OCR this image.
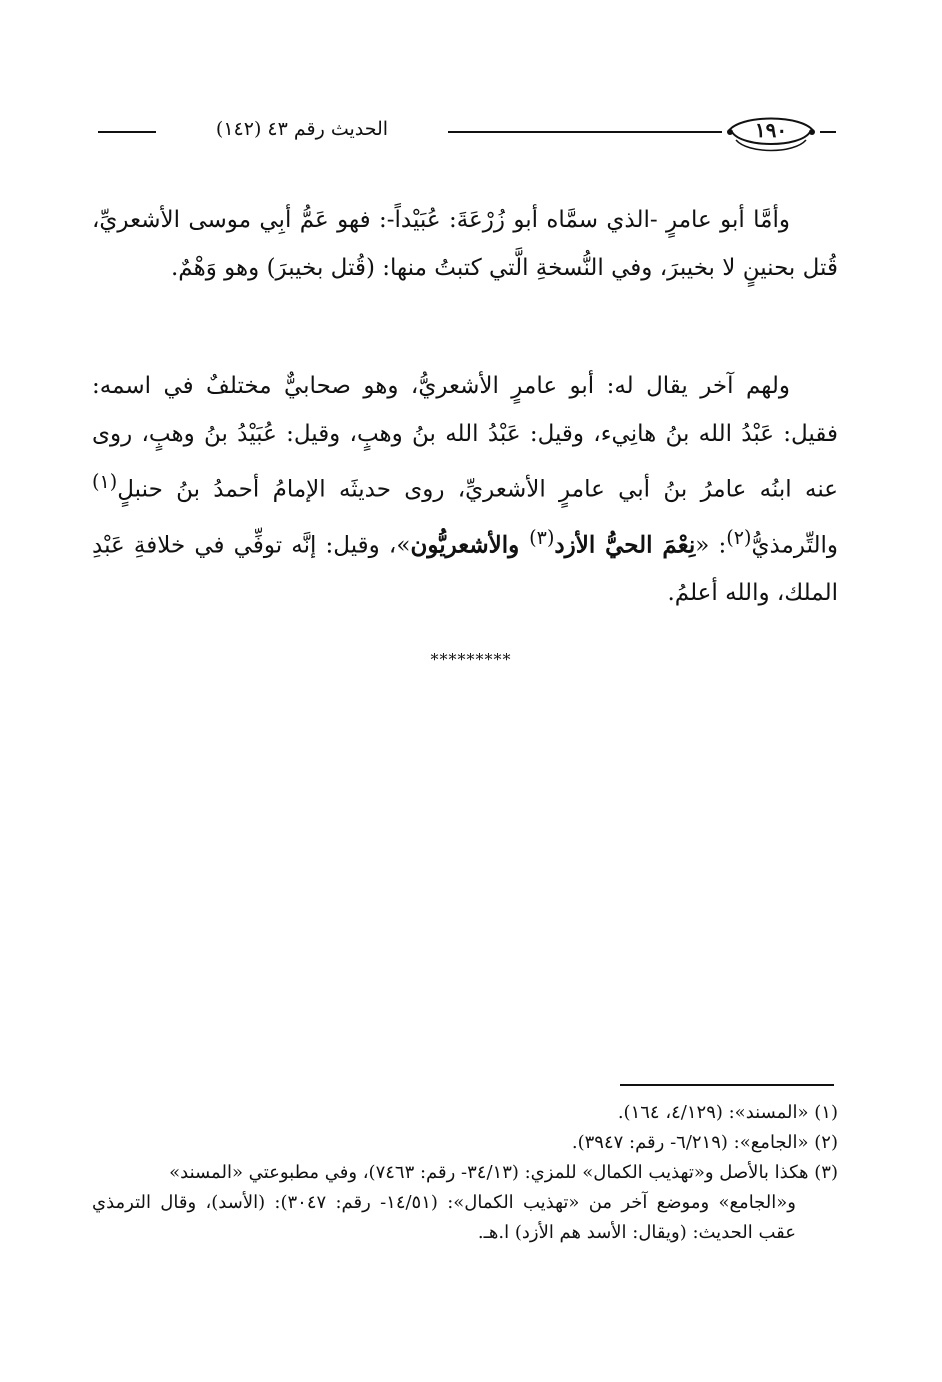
الحديث رقم ٤٣ (١٤٢)	١٩٠
وأمَّا أبو عامرٍ -الذي سمَّاه أبو زُرْعَةَ: عُبَيْداً-: فهو عَمُّ أبِي موسى الأشعريِّ، قُتل بحنينٍ لا بخيبرَ، وفي النُّسخةِ الَّتي كتبتُ منها: (قُتل بخيبرَ) وهو وَهْمٌ.
ولهم آخر يقال له: أبو عامرٍ الأشعريُّ، وهو صحابيٌّ مختلفٌ في اسمه: فقيل: عَبْدُ الله بنُ هانِيء، وقيل: عَبْدُ الله بنُ وهبٍ، وقيل: عُبَيْدُ بنُ وهبٍ، روى عنه ابنُه عامرُ بنُ أبي عامرٍ الأشعريِّ، روى حديثَه الإمامُ أحمدُ بنُ حنبلٍ$^{(١)}$ والتِّرمذيُّ$^{(٢)}$: «نِعْمَ الحيُّ الأزد$^{(٣)}$ والأشعريُّون»، وقيل: إنَّه توفِّي في خلافةِ عَبْدِ الملك، والله أعلمُ.
*********

(١) «المسند»: (٤/١٢٩، ١٦٤).

(٢) «الجامع»: (٦/٢١٩- رقم: ٣٩٤٧).

(٣) هكذا بالأصل و«تهذيب الكمال» للمزي: (٣٤/١٣- رقم: ٧٤٦٣)، وفي مطبوعتي «المسند»

و«الجامع» وموضع آخر من «تهذيب الكمال»: (١٤/٥١- رقم: ٣٠٤٧): (الأسد)، وقال الترمذي عقب الحديث: (ويقال: الأسد هم الأزد) ا.هـ.
